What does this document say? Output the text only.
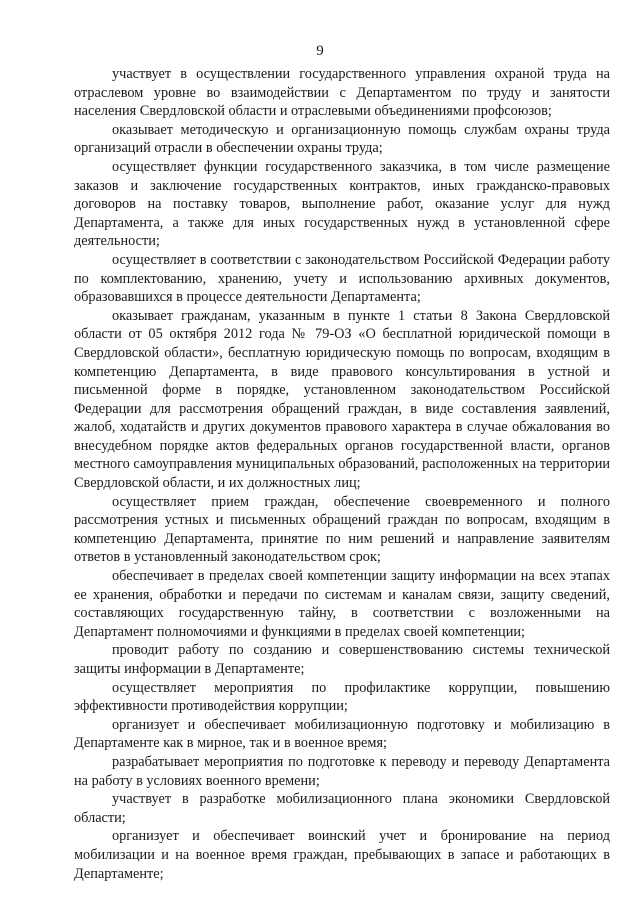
9

участвует в осуществлении государственного управления охраной труда на отраслевом уровне во взаимодействии с Департаментом по труду и занятости населения Свердловской области и отраслевыми объединениями профсоюзов;

оказывает методическую и организационную помощь службам охраны труда организаций отрасли в обеспечении охраны труда;

осуществляет функции государственного заказчика, в том числе размещение заказов и заключение государственных контрактов, иных гражданско-правовых договоров на поставку товаров, выполнение работ, оказание услуг для нужд Департамента, а также для иных государственных нужд в установленной сфере деятельности;

осуществляет в соответствии с законодательством Российской Федерации работу по комплектованию, хранению, учету и использованию архивных документов, образовавшихся в процессе деятельности Департамента;

оказывает гражданам, указанным в пункте 1 статьи 8 Закона Свердловской области от 05 октября 2012 года № 79-ОЗ «О бесплатной юридической помощи в Свердловской области», бесплатную юридическую помощь по вопросам, входящим в компетенцию Департамента, в виде правового консультирования в устной и письменной форме в порядке, установленном законодательством Российской Федерации для рассмотрения обращений граждан, в виде составления заявлений, жалоб, ходатайств и других документов правового характера в случае обжалования во внесудебном порядке актов федеральных органов государственной власти, органов местного самоуправления муниципальных образований, расположенных на территории Свердловской области, и их должностных лиц;

осуществляет прием граждан, обеспечение своевременного и полного рассмотрения устных и письменных обращений граждан по вопросам, входящим в компетенцию Департамента, принятие по ним решений и направление заявителям ответов в установленный законодательством срок;

обеспечивает в пределах своей компетенции защиту информации на всех этапах ее хранения, обработки и передачи по системам и каналам связи, защиту сведений, составляющих государственную тайну, в соответствии с возложенными на Департамент полномочиями и функциями в пределах своей компетенции;

проводит работу по созданию и совершенствованию системы технической защиты информации в Департаменте;

осуществляет мероприятия по профилактике коррупции, повышению эффективности противодействия коррупции;

организует и обеспечивает мобилизационную подготовку и мобилизацию в Департаменте как в мирное, так и в военное время;

разрабатывает мероприятия по подготовке к переводу и переводу Департамента на работу в условиях военного времени;

участвует в разработке мобилизационного плана экономики Свердловской области;

организует и обеспечивает воинский учет и бронирование на период мобилизации и на военное время граждан, пребывающих в запасе и работающих в Департаменте;
